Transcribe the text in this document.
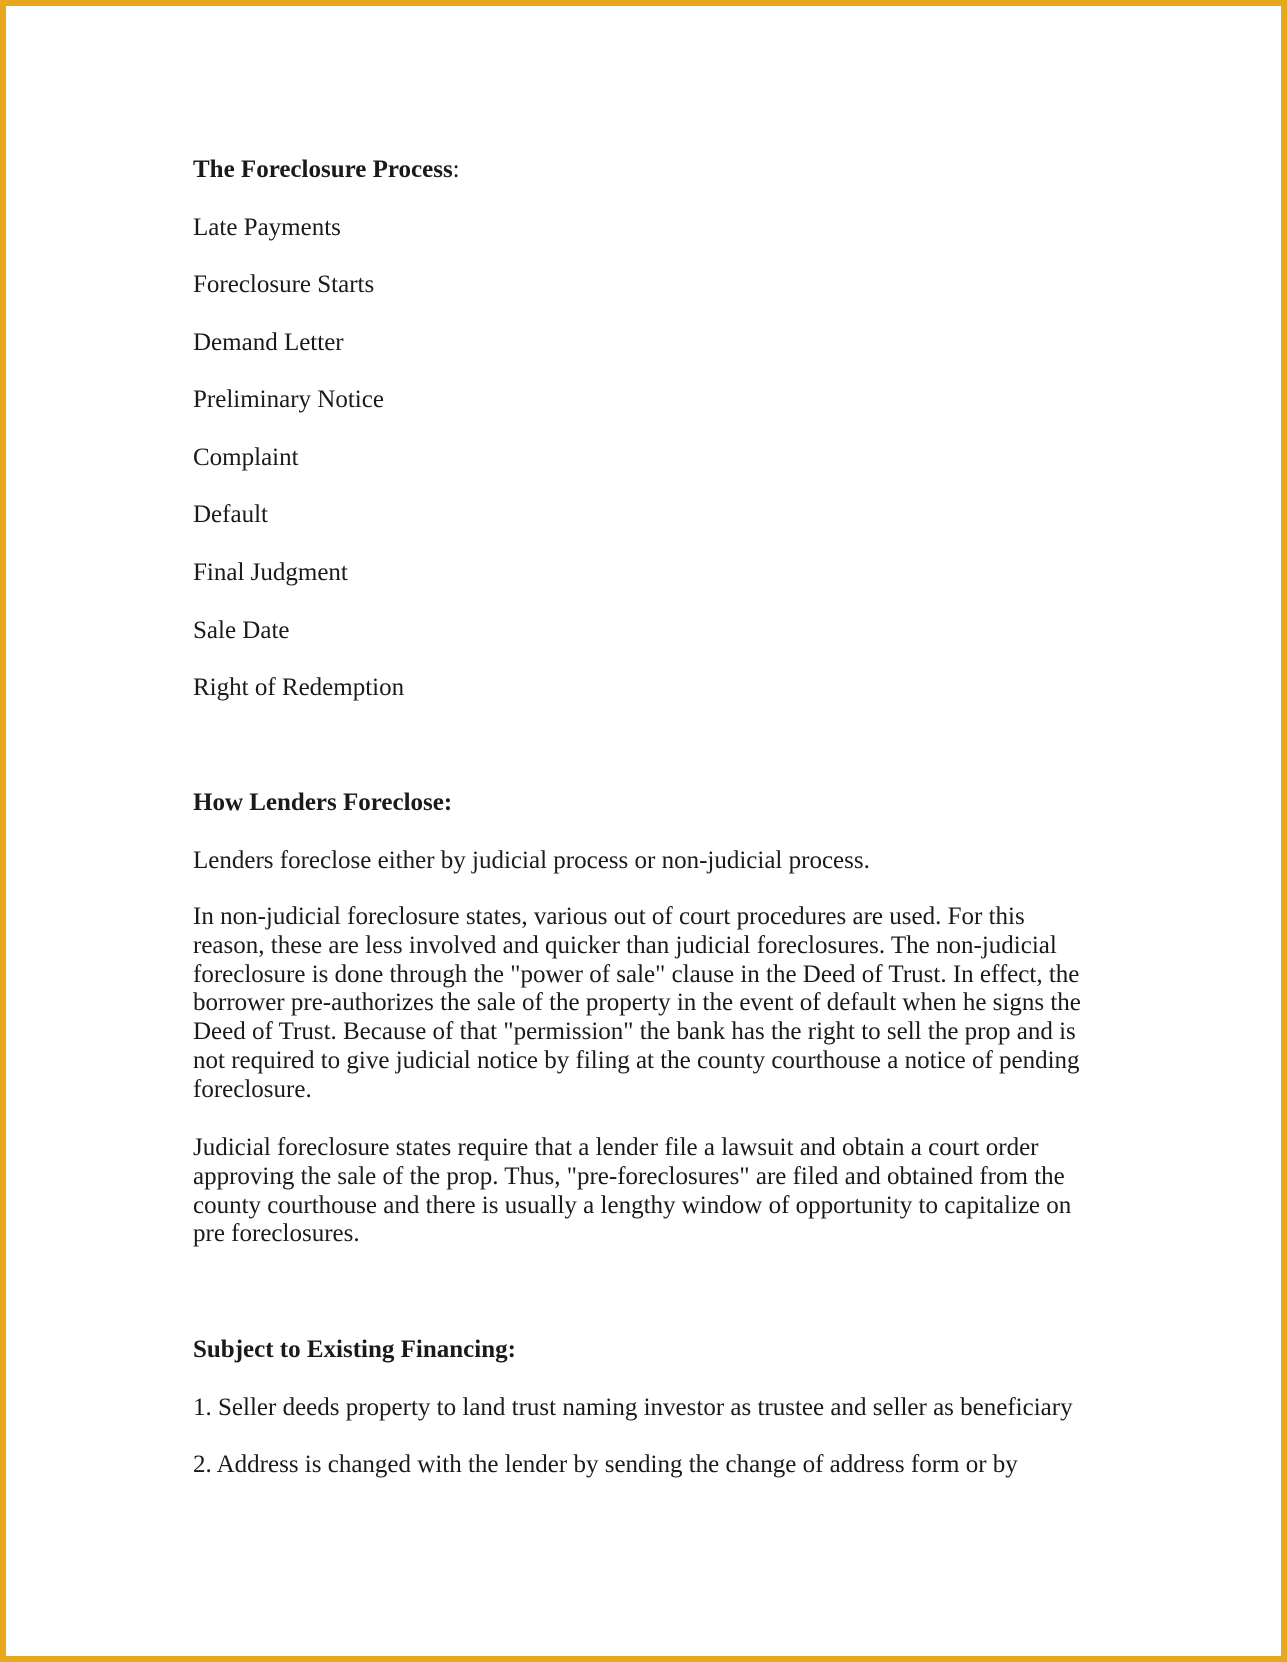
The Foreclosure Process:
Late Payments
Foreclosure Starts
Demand Letter
Preliminary Notice
Complaint
Default
Final Judgment
Sale Date
Right of Redemption
How Lenders Foreclose:
Lenders foreclose either by judicial process or non-judicial process.
In non-judicial foreclosure states, various out of court procedures are used. For this
reason, these are less involved and quicker than judicial foreclosures. The non-judicial
foreclosure is done through the "power of sale" clause in the Deed of Trust. In effect, the
borrower pre-authorizes the sale of the property in the event of default when he signs the
Deed of Trust. Because of that "permission" the bank has the right to sell the prop and is
not required to give judicial notice by filing at the county courthouse a notice of pending
foreclosure.
Judicial foreclosure states require that a lender file a lawsuit and obtain a court order
approving the sale of the prop. Thus, "pre-foreclosures" are filed and obtained from the
county courthouse and there is usually a lengthy window of opportunity to capitalize on
pre foreclosures.
Subject to Existing Financing:
1. Seller deeds property to land trust naming investor as trustee and seller as beneficiary
2. Address is changed with the lender by sending the change of address form or by
